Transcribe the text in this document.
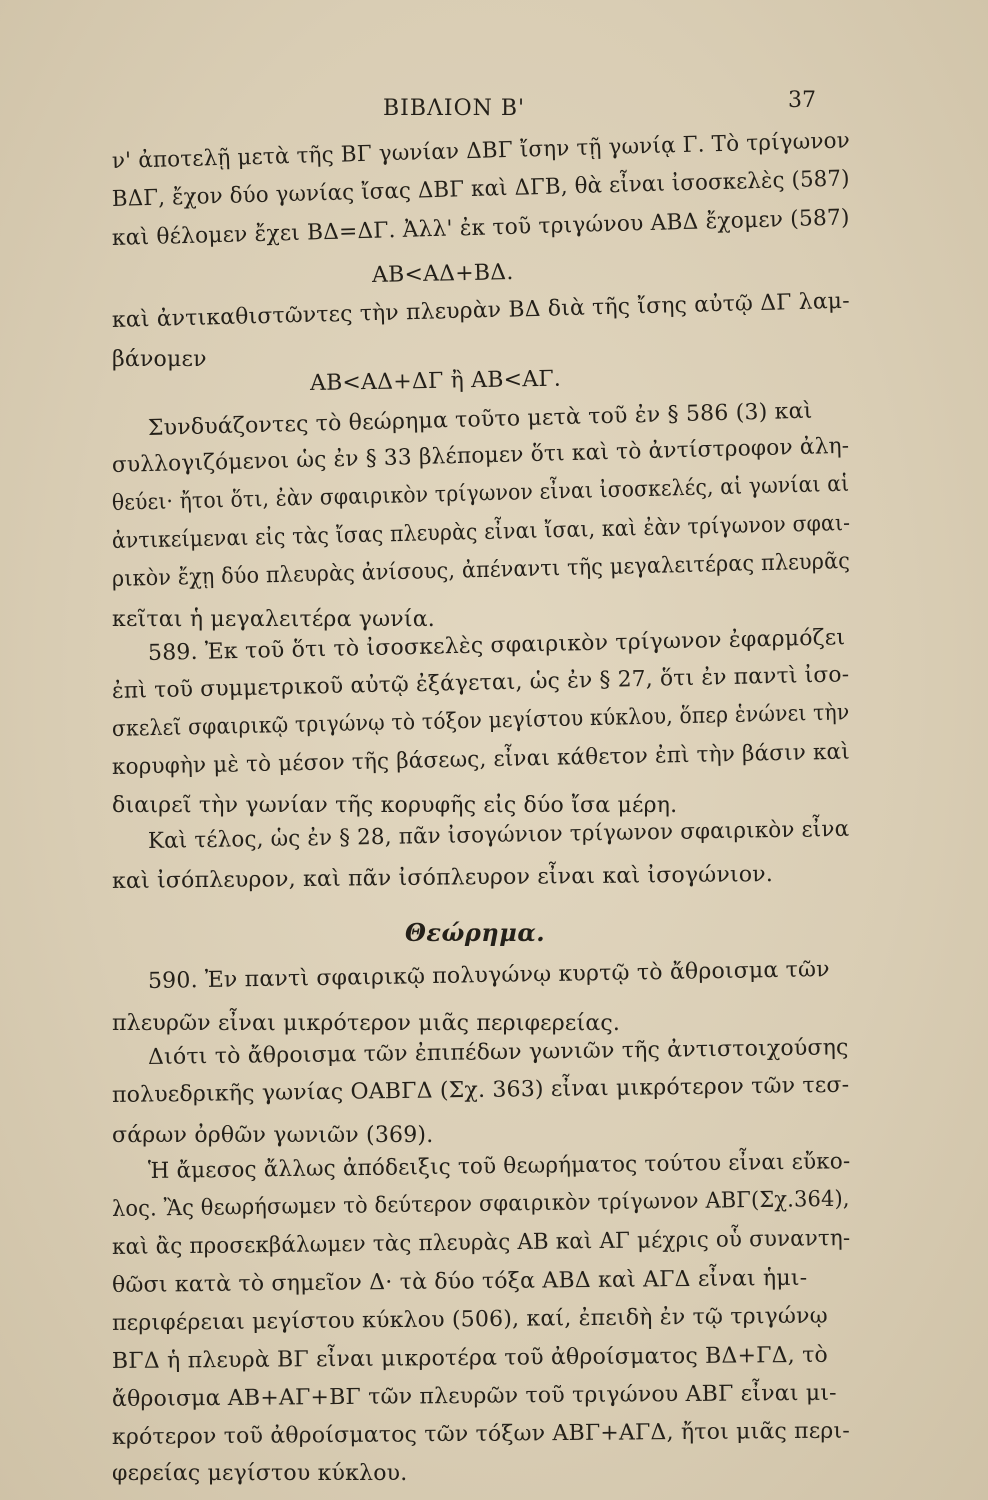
ΒΙΒΛΙΟΝ Β'	37
ν' ἀποτελῇ μετὰ τῆς ΒΓ γωνίαν ΔΒΓ ἴσην τῇ γωνίᾳ Γ. Τὸ τρίγωνον
ΒΔΓ, ἔχον δύο γωνίας ἴσας ΔΒΓ καὶ ΔΓΒ, θὰ εἶναι ἰσοσκελὲς (587)
καὶ θέλομεν ἔχει ΒΔ=ΔΓ. Ἀλλ' ἐκ τοῦ τριγώνου ΑΒΔ ἔχομεν (587)
ΑΒ<ΑΔ+ΒΔ.
καὶ ἀντικαθιστῶντες τὴν πλευρὰν ΒΔ διὰ τῆς ἴσης αὐτῷ ΔΓ λαμ-
βάνομεν
ΑΒ<ΑΔ+ΔΓ ἢ ΑΒ<ΑΓ.
Συνδυάζοντες τὸ θεώρημα τοῦτο μετὰ τοῦ ἐν § 586 (3) καὶ
συλλογιζόμενοι ὡς ἐν § 33 βλέπομεν ὅτι καὶ τὸ ἀντίστροφον ἀλη-
θεύει· ἤτοι ὅτι, ἐὰν σφαιρικὸν τρίγωνον εἶναι ἰσοσκελές, αἱ γωνίαι αἱ
ἀντικείμεναι εἰς τὰς ἴσας πλευρὰς εἶναι ἴσαι, καὶ ἐὰν τρίγωνον σφαι-
ρικὸν ἔχῃ δύο πλευρὰς ἀνίσους, ἀπέναντι τῆς μεγαλειτέρας πλευρᾶς
κεῖται ἡ μεγαλειτέρα γωνία.
589. Ἐκ τοῦ ὅτι τὸ ἰσοσκελὲς σφαιρικὸν τρίγωνον ἐφαρμόζει
ἐπὶ τοῦ συμμετρικοῦ αὐτῷ ἐξάγεται, ὡς ἐν § 27, ὅτι ἐν παντὶ ἰσο-
σκελεῖ σφαιρικῷ τριγώνῳ τὸ τόξον μεγίστου κύκλου, ὅπερ ἑνώνει τὴν
κορυφὴν μὲ τὸ μέσον τῆς βάσεως, εἶναι κάθετον ἐπὶ τὴν βάσιν καὶ
διαιρεῖ τὴν γωνίαν τῆς κορυφῆς εἰς δύο ἴσα μέρη.
Καὶ τέλος, ὡς ἐν § 28, πᾶν ἰσογώνιον τρίγωνον σφαιρικὸν εἶνα
καὶ ἰσόπλευρον, καὶ πᾶν ἰσόπλευρον εἶναι καὶ ἰσογώνιον.
Θεώρημα.
590. Ἐν παντὶ σφαιρικῷ πολυγώνῳ κυρτῷ τὸ ἄθροισμα τῶν
πλευρῶν εἶναι μικρότερον μιᾶς περιφερείας.
Διότι τὸ ἄθροισμα τῶν ἐπιπέδων γωνιῶν τῆς ἀντιστοιχούσης
πολυεδρικῆς γωνίας ΟΑΒΓΔ (Σχ. 363) εἶναι μικρότερον τῶν τεσ-
σάρων ὀρθῶν γωνιῶν (369).
Ἡ ἄμεσος ἄλλως ἀπόδειξις τοῦ θεωρήματος τούτου εἶναι εὔκο-
λος. Ἂς θεωρήσωμεν τὸ δεύτερον σφαιρικὸν τρίγωνον ΑΒΓ(Σχ.364),
καὶ ἂς προσεκβάλωμεν τὰς πλευρὰς ΑΒ καὶ ΑΓ μέχρις οὗ συναντη-
θῶσι κατὰ τὸ σημεῖον Δ· τὰ δύο τόξα ΑΒΔ καὶ ΑΓΔ εἶναι ἡμι-
περιφέρειαι μεγίστου κύκλου (506), καί, ἐπειδὴ ἐν τῷ τριγώνῳ
ΒΓΔ ἡ πλευρὰ ΒΓ εἶναι μικροτέρα τοῦ ἀθροίσματος ΒΔ+ΓΔ, τὸ
ἄθροισμα ΑΒ+ΑΓ+ΒΓ τῶν πλευρῶν τοῦ τριγώνου ΑΒΓ εἶναι μι-
κρότερον τοῦ ἀθροίσματος τῶν τόξων ΑΒΓ+ΑΓΔ, ἤτοι μιᾶς περι-
φερείας μεγίστου κύκλου.
